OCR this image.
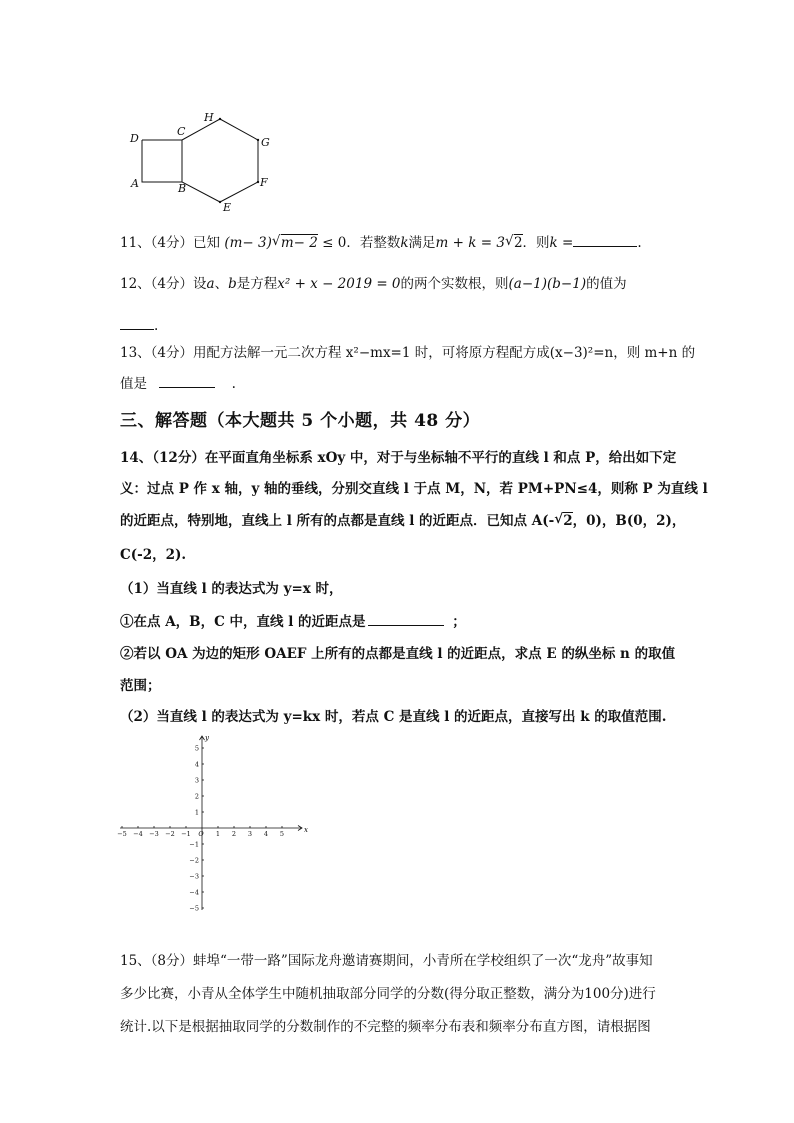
D
C
H
G
A	B	F
E
11、（4分）已知 (m− 3) √ m− 2 ≤ 0．若整数k满足m + k = 3 √ 2．则k =	.
12、（4分）设a、b是方程x² + x − 2019 = 0的两个实数根，则(a−1)(b−1)的值为
.
13、（4分）用配方法解一元二次方程 x²−mx=1 时，可将原方程配方成(x−3)²=n，则 m+n 的
值是	.
三、解答题（本大题共 5 个小题，共 48 分）
14、（12分）在平面直角坐标系 xOy 中，对于与坐标轴不平行的直线 l 和点 P，给出如下定
义：过点 P 作 x 轴，y 轴的垂线，分别交直线 l 于点 M，N，若 PM+PN≤4，则称 P 为直线 l
的近距点，特别地，直线上 l 所有的点都是直线 l 的近距点．已知点 A(- √ 2，0)，B(0，2)，
C(-2，2).
（1）当直线 l 的表达式为 y=x 时，
①在点 A，B，C 中，直线 l 的近距点是	；
②若以 OA 为边的矩形 OAEF 上所有的点都是直线 l 的近距点，求点 E 的纵坐标 n 的取值
范围；
（2）当直线 l 的表达式为 y=kx 时，若点 C 是直线 l 的近距点，直接写出 k 的取值范围.
−5 −4 −3 −2 −1 O 1 2 3 4 5
5
4
3
2
1
−1
−2
−3
−4
−5
x
y
15、（8分）蚌埠“一带一路”国际龙舟邀请赛期间，小青所在学校组织了一次“龙舟”故事知
多少比赛，小青从全体学生中随机抽取部分同学的分数(得分取正整数，满分为100分)进行
统计.以下是根据抽取同学的分数制作的不完整的频率分布表和频率分布直方图，请根据图
